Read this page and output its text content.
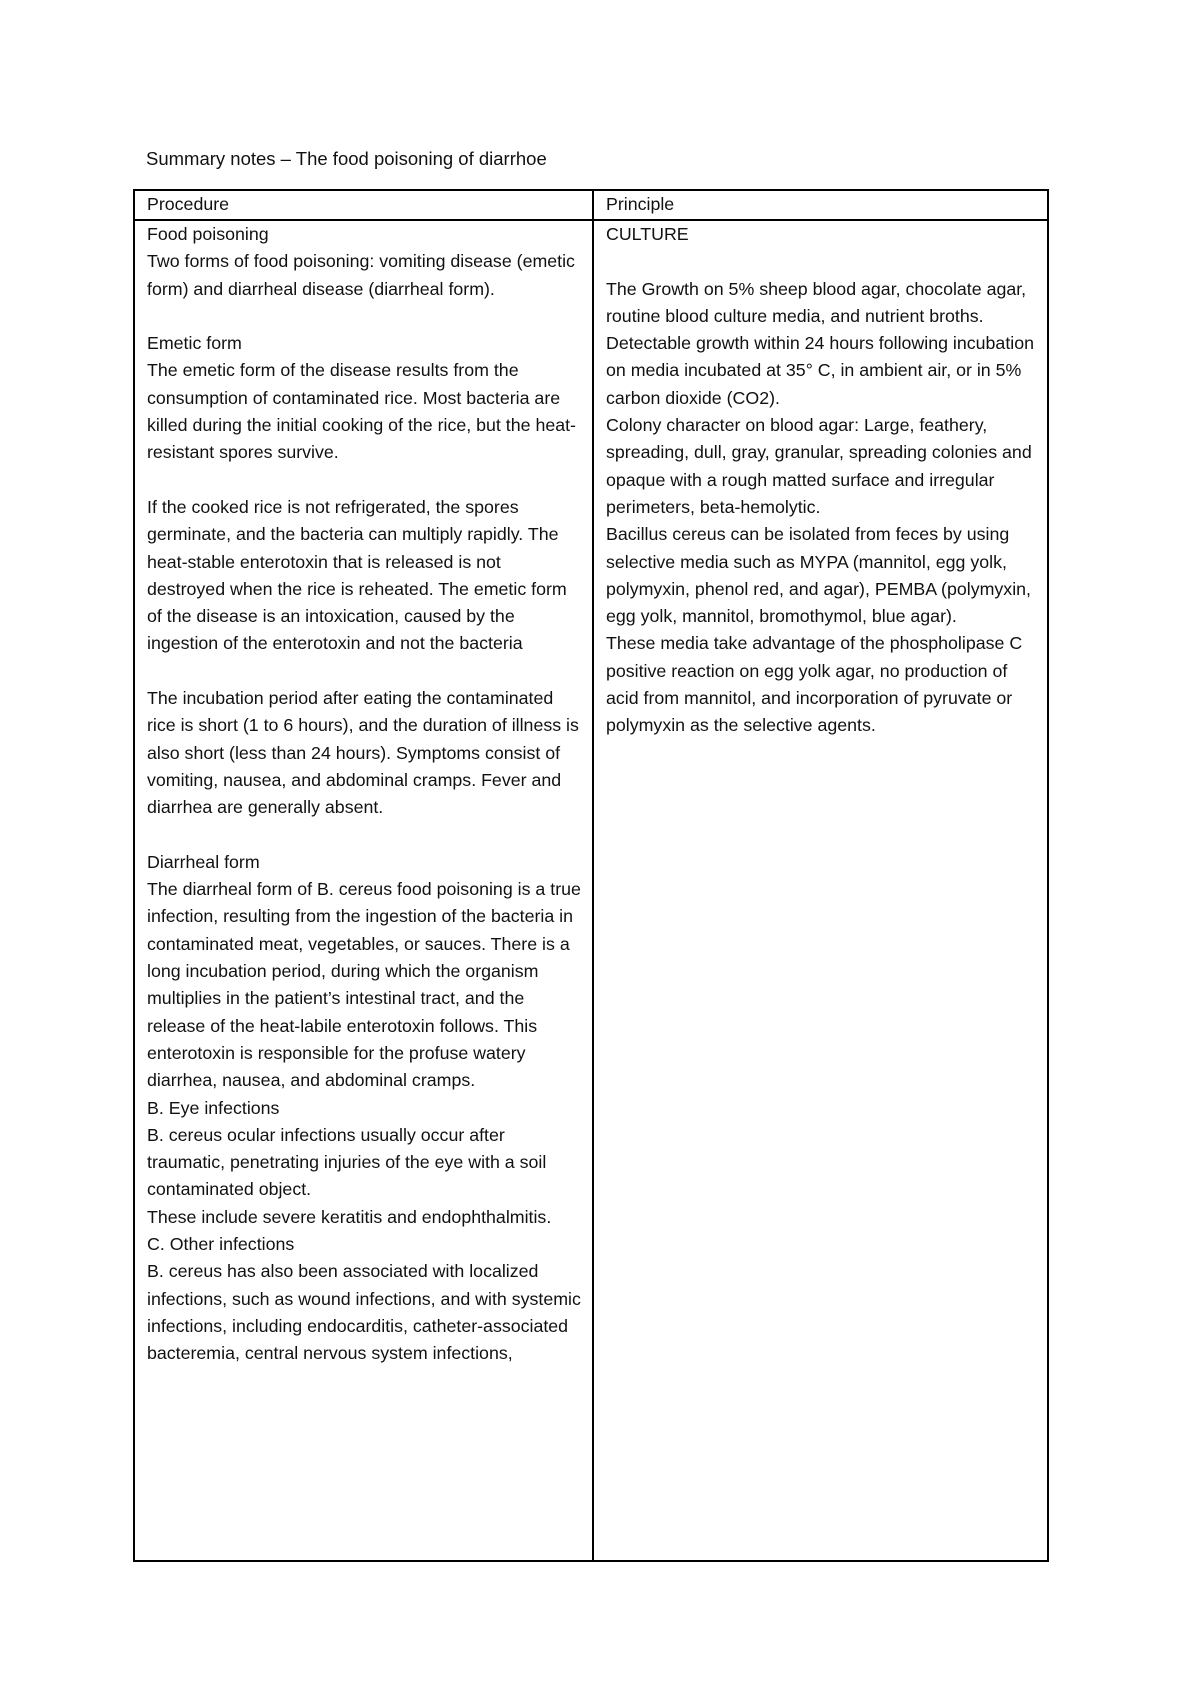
Summary notes – The food poisoning of diarrhoe
Procedure	Principle

Food poisoning

Two forms of food poisoning: vomiting disease (emetic form) and diarrheal disease (diarrheal form).

Emetic form

The emetic form of the disease results from the consumption of contaminated rice. Most bacteria are killed during the initial cooking of the rice, but the heat-resistant spores survive.

If the cooked rice is not refrigerated, the spores germinate, and the bacteria can multiply rapidly. The heat-stable enterotoxin that is released is not destroyed when the rice is reheated. The emetic form of the disease is an intoxication, caused by the ingestion of the enterotoxin and not the bacteria

The incubation period after eating the contaminated rice is short (1 to 6 hours), and the duration of illness is also short (less than 24 hours). Symptoms consist of vomiting, nausea, and abdominal cramps. Fever and diarrhea are generally absent.

Diarrheal form

The diarrheal form of B. cereus food poisoning is a true infection, resulting from the ingestion of the bacteria in contaminated meat, vegetables, or sauces. There is a long incubation period, during which the organism multiplies in the patient’s intestinal tract, and the release of the heat-labile enterotoxin follows. This enterotoxin is responsible for the profuse watery diarrhea, nausea, and abdominal cramps.

B. Eye infections

B. cereus ocular infections usually occur after traumatic, penetrating injuries of the eye with a soil contaminated object.

These include severe keratitis and endophthalmitis.

C. Other infections

B. cereus has also been associated with localized infections, such as wound infections, and with systemic infections, including endocarditis, catheter-associated bacteremia, central nervous system infections,

CULTURE

The Growth on 5% sheep blood agar, chocolate agar, routine blood culture media, and nutrient broths.

Detectable growth within 24 hours following incubation on media incubated at 35° C, in ambient air, or in 5% carbon dioxide (CO2).

Colony character on blood agar: Large, feathery, spreading, dull, gray, granular, spreading colonies and opaque with a rough matted surface and irregular perimeters, beta-hemolytic.

Bacillus cereus can be isolated from feces by using selective media such as MYPA (mannitol, egg yolk, polymyxin, phenol red, and agar), PEMBA (polymyxin, egg yolk, mannitol, bromothymol, blue agar).

These media take advantage of the phospholipase C positive reaction on egg yolk agar, no production of acid from mannitol, and incorporation of pyruvate or polymyxin as the selective agents.
